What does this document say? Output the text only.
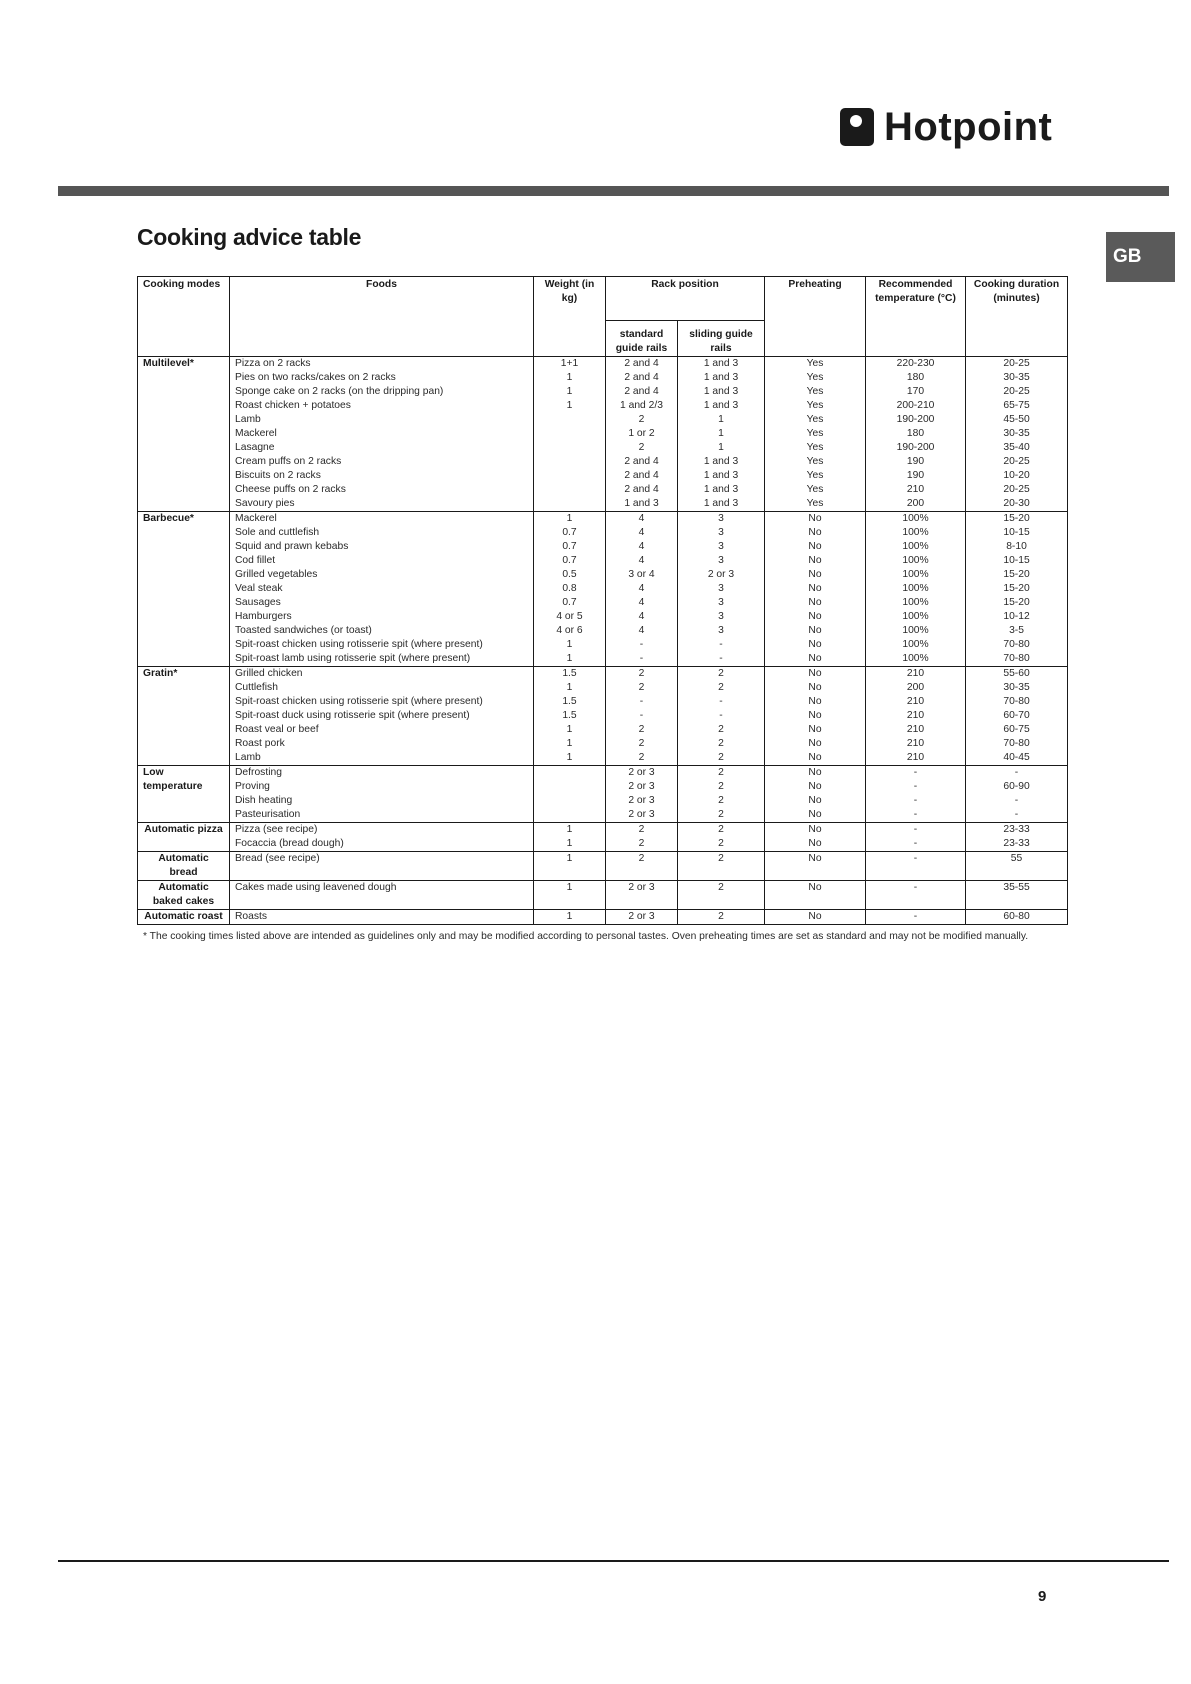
Hotpoint
Cooking advice table
GB
Cooking modes	Foods	Weight (in kg)	Rack position		Preheating	Recommended temperature (°C)	Cooking duration (minutes)
			standard guide rails	sliding guide rails			
Multilevel*	Pizza on 2 racks	1+1	2 and 4	1 and 3	Yes	220-230	20-25
	Pies on two racks/cakes on 2 racks	1	2 and 4	1 and 3	Yes	180	30-35
	Sponge cake on 2 racks (on the dripping pan)	1	2 and 4	1 and 3	Yes	170	20-25
	Roast chicken + potatoes	1	1 and 2/3	1 and 3	Yes	200-210	65-75
	Lamb		2	1	Yes	190-200	45-50
	Mackerel		1 or 2	1	Yes	180	30-35
	Lasagne		2	1	Yes	190-200	35-40
	Cream puffs on 2 racks		2 and 4	1 and 3	Yes	190	20-25
	Biscuits on 2 racks		2 and 4	1 and 3	Yes	190	10-20
	Cheese puffs on 2 racks		2 and 4	1 and 3	Yes	210	20-25
	Savoury pies		1 and 3	1 and 3	Yes	200	20-30
Barbecue*	Mackerel	1	4	3	No	100%	15-20
	Sole and cuttlefish	0.7	4	3	No	100%	10-15
	Squid and prawn kebabs	0.7	4	3	No	100%	8-10
	Cod fillet	0.7	4	3	No	100%	10-15
	Grilled vegetables	0.5	3 or 4	2 or 3	No	100%	15-20
	Veal steak	0.8	4	3	No	100%	15-20
	Sausages	0.7	4	3	No	100%	15-20
	Hamburgers	4 or 5	4	3	No	100%	10-12
	Toasted sandwiches (or toast)	4 or 6	4	3	No	100%	3-5
	Spit-roast chicken using rotisserie spit (where present)	1	-	-	No	100%	70-80
	Spit-roast lamb using rotisserie spit (where present)	1	-	-	No	100%	70-80
Gratin*	Grilled chicken	1.5	2	2	No	210	55-60
	Cuttlefish	1	2	2	No	200	30-35
	Spit-roast chicken using rotisserie spit (where present)	1.5	-	-	No	210	70-80
	Spit-roast duck using rotisserie spit (where present)	1.5	-	-	No	210	60-70
	Roast veal or beef	1	2	2	No	210	60-75
	Roast pork	1	2	2	No	210	70-80
	Lamb	1	2	2	No	210	40-45
Low temperature	Defrosting		2 or 3	2	No	-	-
	Proving		2 or 3	2	No	-	60-90
	Dish heating		2 or 3	2	No	-	-
	Pasteurisation		2 or 3	2	No	-	-
Automatic pizza	Pizza (see recipe)	1	2	2	No	-	23-33
	Focaccia (bread dough)	1	2	2	No	-	23-33
Automatic bread	Bread (see recipe)	1	2	2	No	-	55
Automatic baked cakes	Cakes made using leavened dough	1	2 or 3	2	No	-	35-55
Automatic roast	Roasts	1	2 or 3	2	No	-	60-80

* The cooking times listed above are intended as guidelines only and may be modified according to personal tastes. Oven preheating times are set as standard and may not be modified manually.

9
